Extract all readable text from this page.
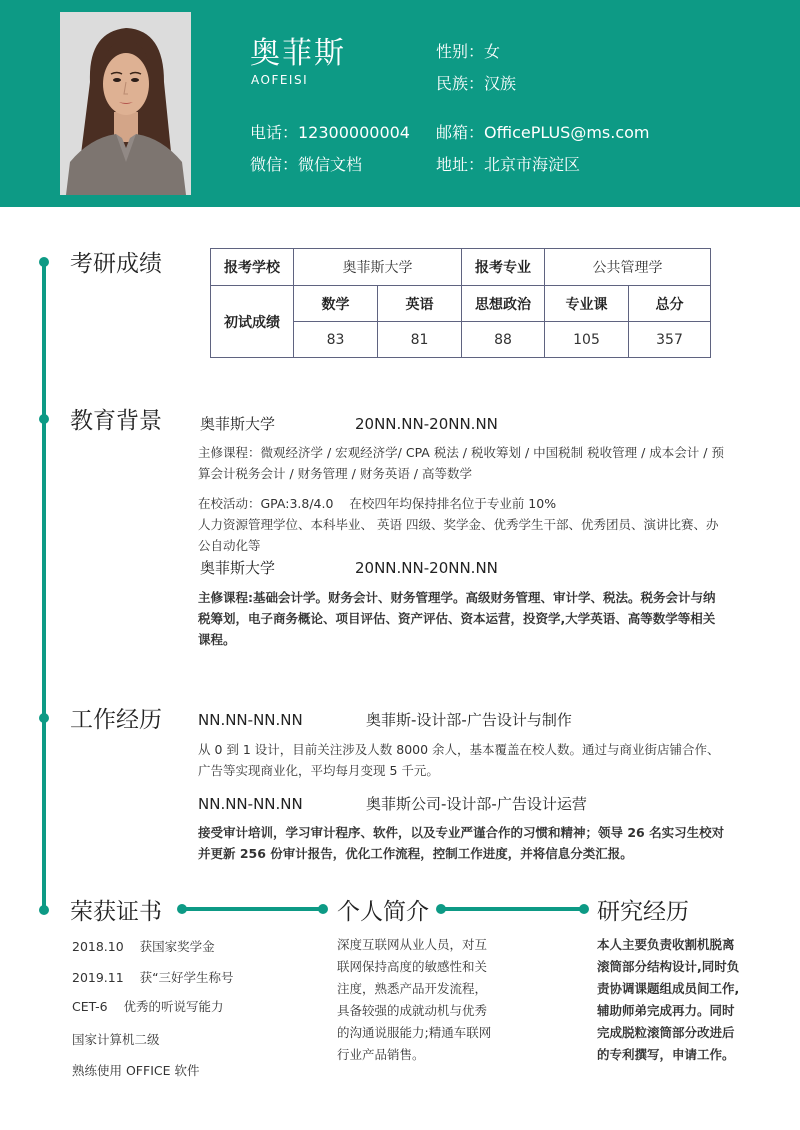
奥菲斯
AOFEISI
性别：女
民族：汉族
电话：12300000004 邮箱：OfficePLUS@ms.com
微信：微信文档	地址：北京市海淀区
考研成绩	报考学校	奥菲斯大学		报考专业	公共管理学	
初试成绩	数学	英语	思想政治	专业课	总分
	83	81	88	105	357
教育背景	奥菲斯大学	20NN.NN-20NN.NN
主修课程：微观经济学 / 宏观经济学/ CPA 税法 / 税收筹划 / 中国税制 税收管理 / 成本会计 / 预算会计税务会计 / 财务管理 / 财务英语 / 高等数学
在校活动：GPA:3.8/4.0    在校四年均保持排名位于专业前 10%
人力资源管理学位、本科毕业、 英语 四级、奖学金、优秀学生干部、优秀团员、演讲比赛、办公自动化等
奥菲斯大学	20NN.NN-20NN.NN
主修课程:基础会计学。财务会计、财务管理学。高级财务管理、审计学、税法。税务会计与纳税筹划，电子商务概论、项目评估、资产评估、资本运营，投资学,大学英语、高等数学等相关课程。
工作经历 NN.NN-NN.NN	奥菲斯-设计部-广告设计与制作
从 0 到 1 设计，目前关注涉及人数 8000 余人，基本覆盖在校人数。通过与商业街店铺合作、广告等实现商业化，平均每月变现 5 千元。
NN.NN-NN.NN	奥菲斯公司-设计部-广告设计运营
接受审计培训，学习审计程序、软件，以及专业严谨合作的习惯和精神；领导 26 名实习生校对并更新 256 份审计报告，优化工作流程，控制工作进度，并将信息分类汇报。
荣获证书	个人简介	研究经历
2018.10    获国家奖学金
2019.11    获“三好学生称号
CET-6    优秀的听说写能力
国家计算机二级
熟练使用 OFFICE 软件
深度互联网从业人员，对互联网保持高度的敏感性和关注度，熟悉产品开发流程，具备较强的成就动机与优秀的沟通说服能力;精通车联网行业产品销售。
本人主要负责收割机脱离滚筒部分结构设计,同时负责协调课题组成员间工作,辅助师弟完成再力。同时完成脱粒滚筒部分改进后的专利撰写，申请工作。
